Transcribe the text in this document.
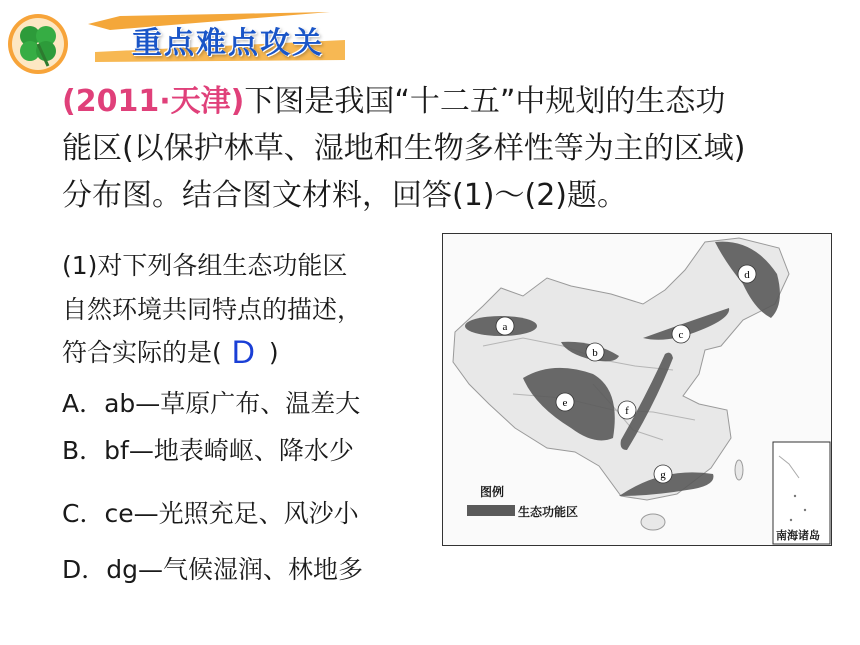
重点难点攻关
(2011·天津)下图是我国“十二五”中规划的生态功
能区(以保护林草、湿地和生物多样性等为主的区域)
分布图。结合图文材料，回答(1)～(2)题。
(1)对下列各组生态功能区
自然环境共同特点的描述，
符合实际的是( D )
A．ab—草原广布、温差大
B．bf—地表崎岖、降水少
C．ce—光照充足、风沙小
D．dg—气候湿润、林地多
a
b
c
d
e
f
g
图例
生态功能区
南海诸岛
